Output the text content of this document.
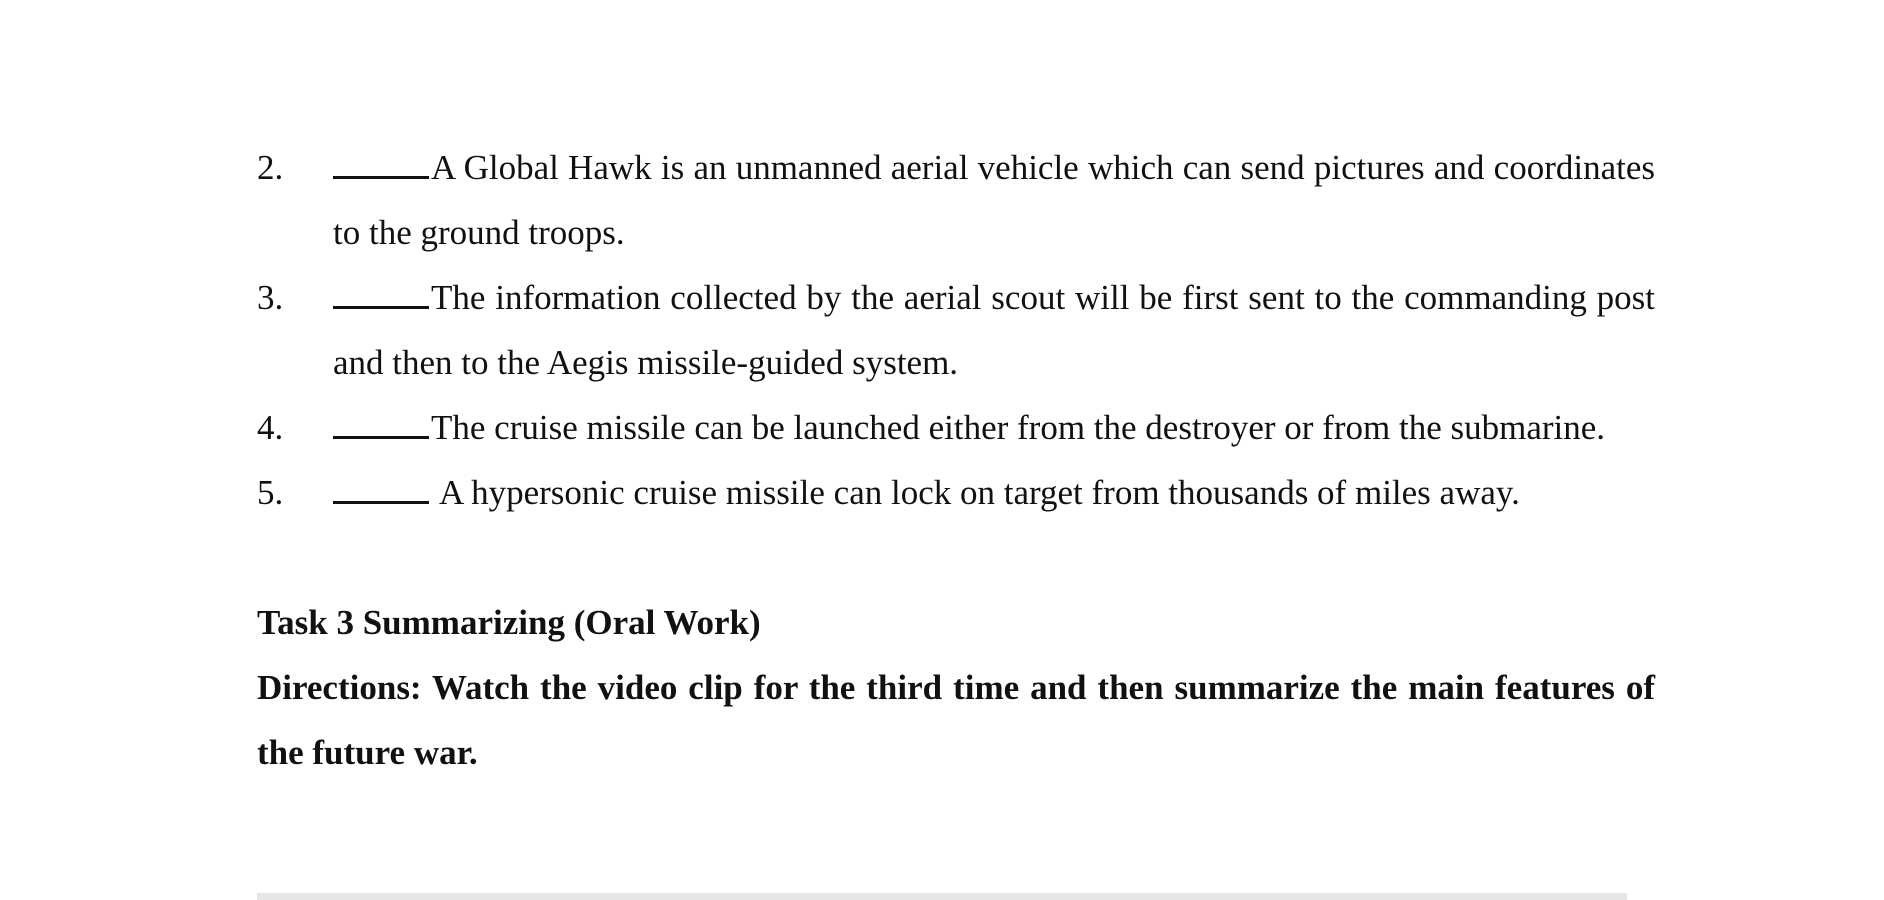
2.	A Global Hawk is an unmanned aerial vehicle which can send pictures and coordinates to the ground troops.
3.	The information collected by the aerial scout will be first sent to the commanding post and then to the Aegis missile-guided system.
4.	The cruise missile can be launched either from the destroyer or from the submarine.
5.	A hypersonic cruise missile can lock on target from thousands of miles away.
Task 3 Summarizing (Oral Work)
Directions: Watch the video clip for the third time and then summarize the main features of the future war.
